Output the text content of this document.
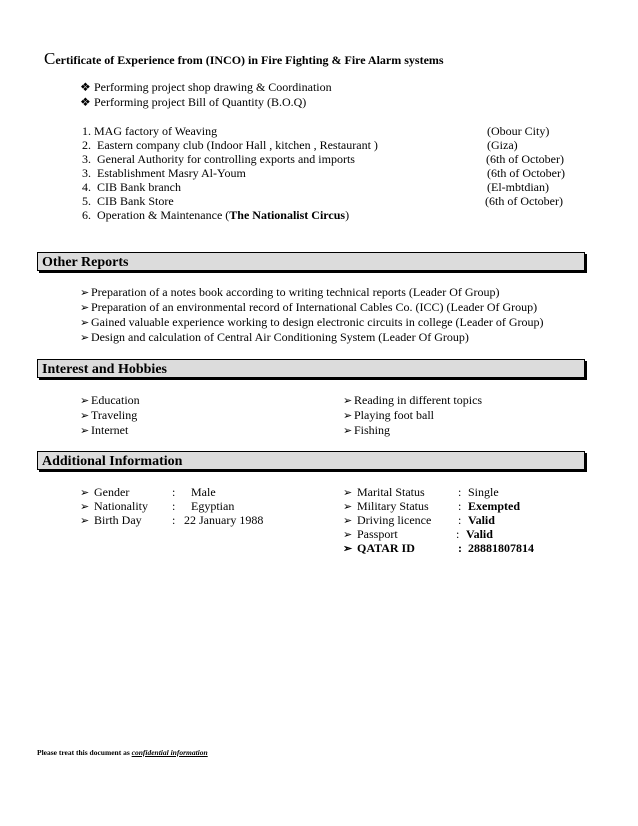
Certificate of Experience from (INCO) in Fire Fighting & Fire Alarm systems
❖ Performing project shop drawing & Coordination
❖ Performing project Bill of Quantity (B.O.Q)
1. MAG factory of Weaving	(Obour City)
2. Eastern company club (Indoor Hall , kitchen , Restaurant )	(Giza)
3. General Authority for controlling exports and imports	(6th of October)
3. Establishment Masry Al-Youm	(6th of October)
4. CIB Bank branch	(El-mbtdian)
5. CIB Bank Store	(6th of October)
6. Operation & Maintenance (The Nationalist Circus)
Other Reports
➢ Preparation of a notes book according to writing technical reports (Leader Of Group)
➢ Preparation of an environmental record of International Cables Co. (ICC) (Leader Of Group)
➢ Gained valuable experience working to design electronic circuits in college (Leader of Group)
➢ Design and calculation of Central Air Conditioning System (Leader Of Group)
Interest and Hobbies
➢ Education
➢ Traveling
➢ Internet
➢ Reading in different topics
➢ Playing foot ball
➢ Fishing
Additional Information
➢ Gender	: Male
➢ Nationality : Egyptian
➢ Birth Day	: 22 January 1988
➢ Marital Status	: Single
➢ Military Status : Exempted
➢ Driving licence : Valid
➢ Passport	: Valid
➢ QATAR ID	: 28881807814
Please treat this document as confidential information
